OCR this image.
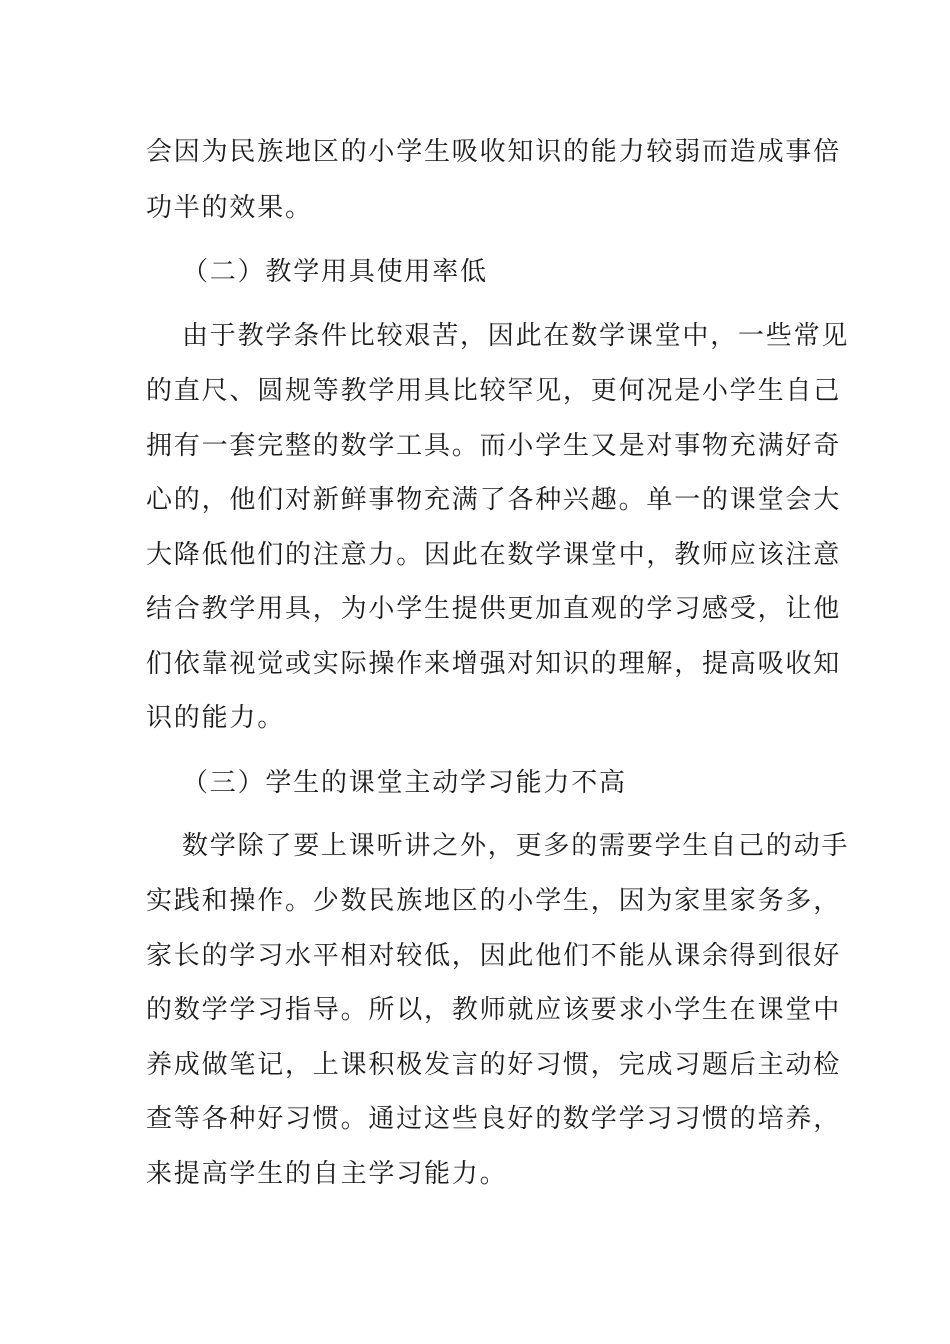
会因为民族地区的小学生吸收知识的能力较弱而造成事倍
功半的效果。
（二）教学用具使用率低
由于教学条件比较艰苦，因此在数学课堂中，一些常见
的直尺、圆规等教学用具比较罕见，更何况是小学生自己
拥有一套完整的数学工具。而小学生又是对事物充满好奇
心的，他们对新鲜事物充满了各种兴趣。单一的课堂会大
大降低他们的注意力。因此在数学课堂中，教师应该注意
结合教学用具，为小学生提供更加直观的学习感受，让他
们依靠视觉或实际操作来增强对知识的理解，提高吸收知
识的能力。
（三）学生的课堂主动学习能力不高
数学除了要上课听讲之外，更多的需要学生自己的动手
实践和操作。少数民族地区的小学生，因为家里家务多，
家长的学习水平相对较低，因此他们不能从课余得到很好
的数学学习指导。所以，教师就应该要求小学生在课堂中
养成做笔记，上课积极发言的好习惯，完成习题后主动检
查等各种好习惯。通过这些良好的数学学习习惯的培养，
来提高学生的自主学习能力。
